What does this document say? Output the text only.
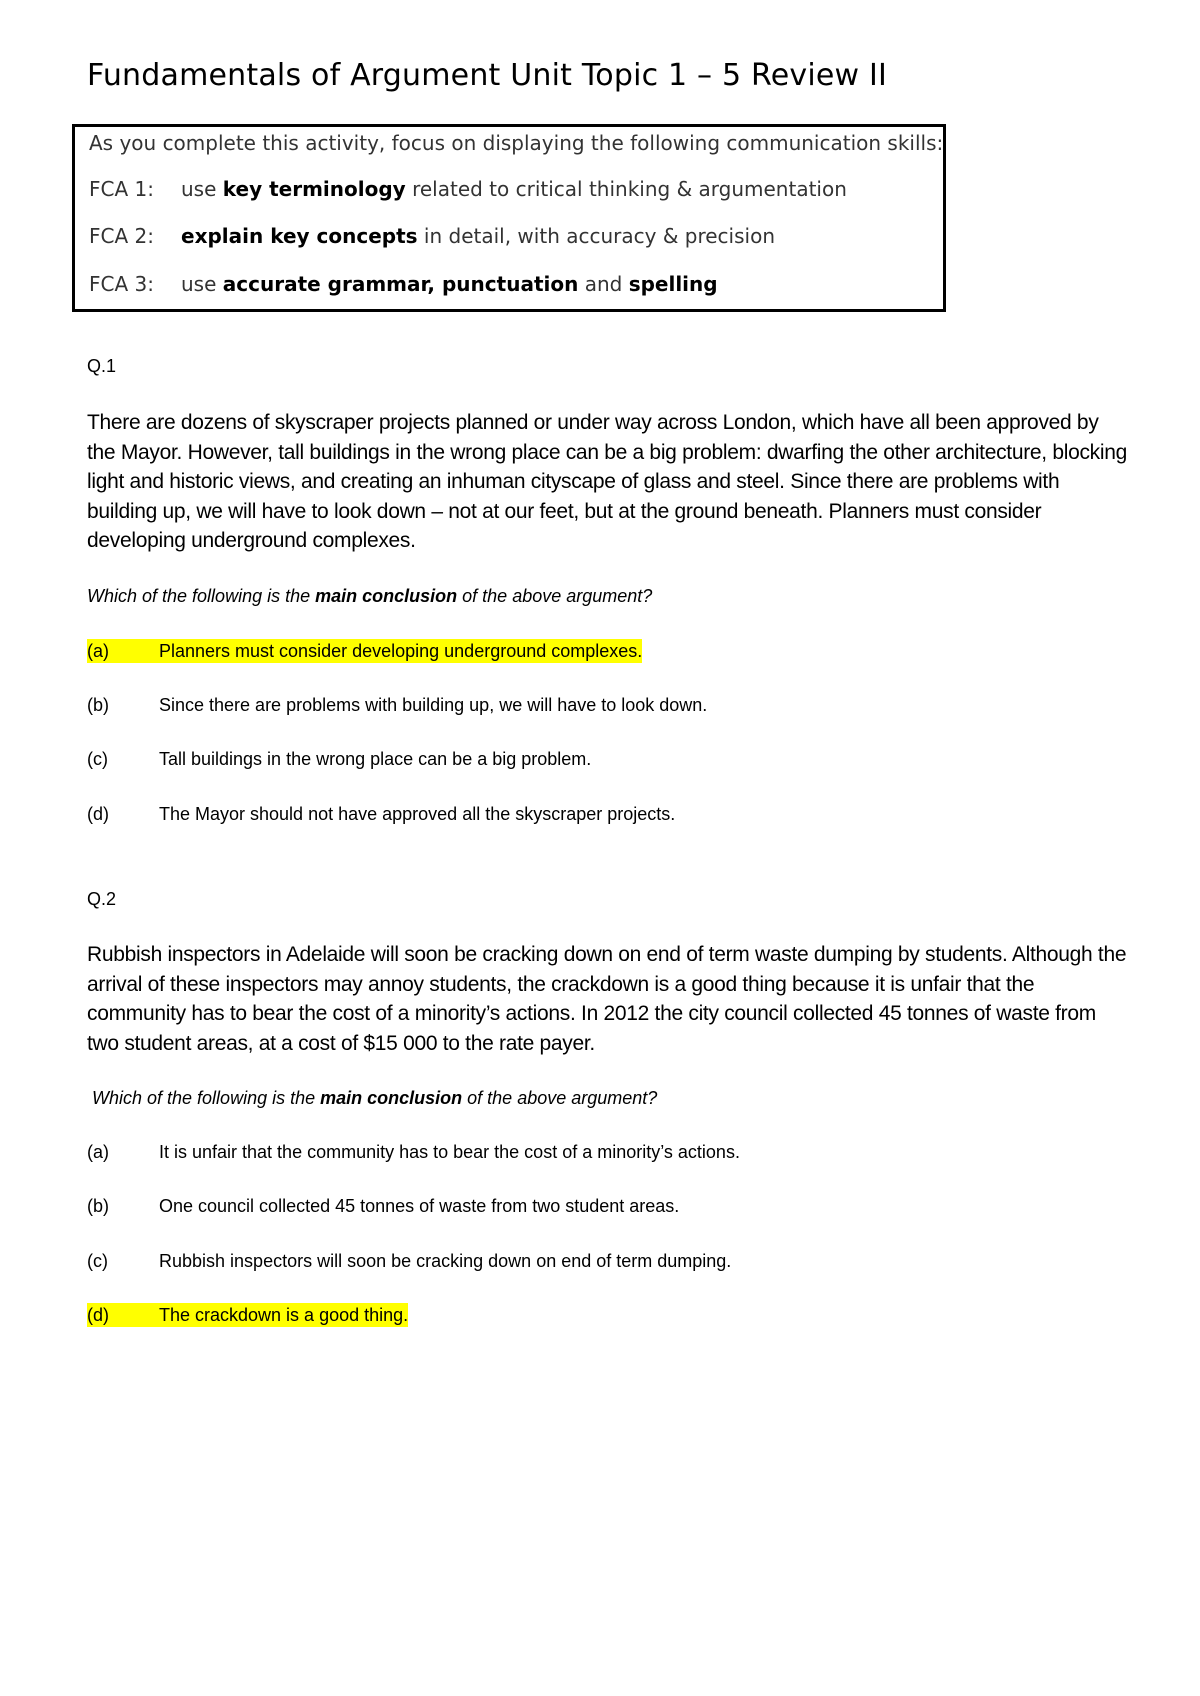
Fundamentals of Argument Unit Topic 1 – 5 Review II
As you complete this activity, focus on displaying the following communication skills:
FCA 1: use key terminology related to critical thinking & argumentation
FCA 2: explain key concepts in detail, with accuracy & precision
FCA 3: use accurate grammar, punctuation and spelling
Q.1
There are dozens of skyscraper projects planned or under way across London, which have all been approved by the Mayor. However, tall buildings in the wrong place can be a big problem: dwarfing the other architecture, blocking light and historic views, and creating an inhuman cityscape of glass and steel. Since there are problems with building up, we will have to look down – not at our feet, but at the ground beneath. Planners must consider developing underground complexes.
Which of the following is the main conclusion of the above argument?
(a)	Planners must consider developing underground complexes.
(b)	Since there are problems with building up, we will have to look down.
(c)	Tall buildings in the wrong place can be a big problem.
(d)	The Mayor should not have approved all the skyscraper projects.
Q.2
Rubbish inspectors in Adelaide will soon be cracking down on end of term waste dumping by students. Although the arrival of these inspectors may annoy students, the crackdown is a good thing because it is unfair that the community has to bear the cost of a minority’s actions. In 2012 the city council collected 45 tonnes of waste from two student areas, at a cost of $15 000 to the rate payer.
Which of the following is the main conclusion of the above argument?
(a)	It is unfair that the community has to bear the cost of a minority’s actions.
(b)	One council collected 45 tonnes of waste from two student areas.
(c)	Rubbish inspectors will soon be cracking down on end of term dumping.
(d)	The crackdown is a good thing.
